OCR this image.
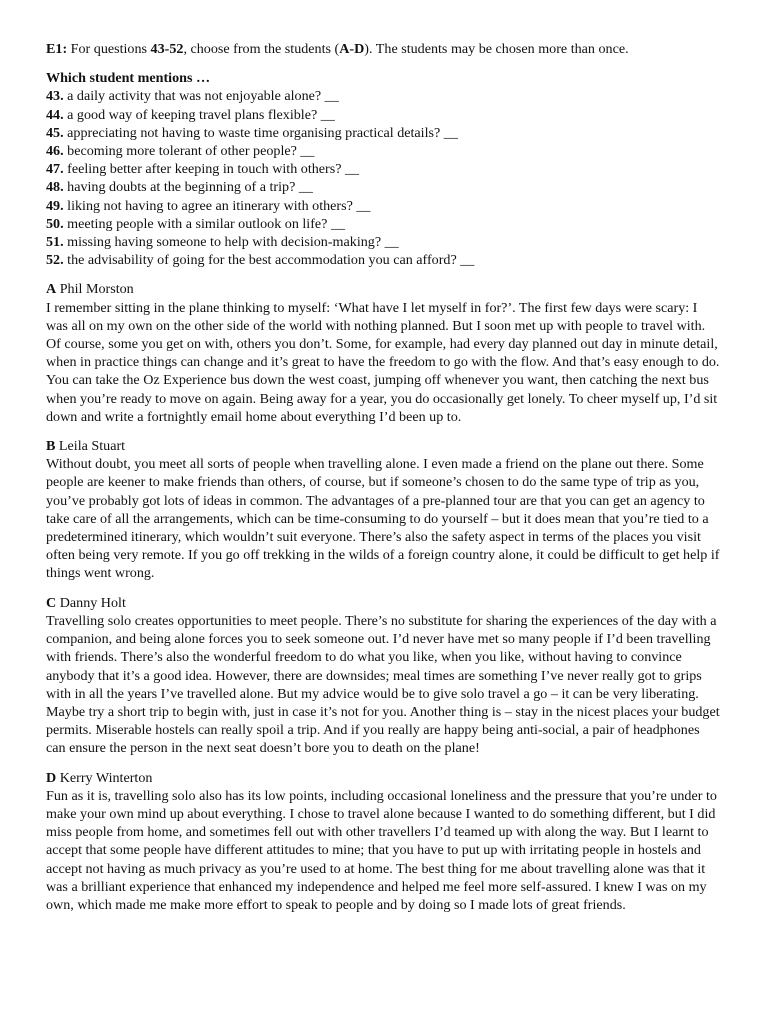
E1: For questions 43-52, choose from the students (A-D). The students may be chosen more than once.

Which student mentions …

43. a daily activity that was not enjoyable alone? __

44. a good way of keeping travel plans flexible? __

45. appreciating not having to waste time organising practical details? __

46. becoming more tolerant of other people? __

47. feeling better after keeping in touch with others? __

48. having doubts at the beginning of a trip? __

49. liking not having to agree an itinerary with others? __

50. meeting people with a similar outlook on life? __

51. missing having someone to help with decision-making? __

52. the advisability of going for the best accommodation you can afford? __

A Phil Morston

I remember sitting in the plane thinking to myself: ‘What have I let myself in for?’. The first few days were scary: I was all on my own on the other side of the world with nothing planned. But I soon met up with people to travel with. Of course, some you get on with, others you don’t. Some, for example, had every day planned out day in minute detail, when in practice things can change and it’s great to have the freedom to go with the flow. And that’s easy enough to do. You can take the Oz Experience bus down the west coast, jumping off whenever you want, then catching the next bus when you’re ready to move on again. Being away for a year, you do occasionally get lonely. To cheer myself up, I’d sit down and write a fortnightly email home about everything I’d been up to.

B Leila Stuart

Without doubt, you meet all sorts of people when travelling alone. I even made a friend on the plane out there. Some people are keener to make friends than others, of course, but if someone’s chosen to do the same type of trip as you, you’ve probably got lots of ideas in common. The advantages of a pre-planned tour are that you can get an agency to take care of all the arrangements, which can be time-consuming to do yourself – but it does mean that you’re tied to a predetermined itinerary, which wouldn’t suit everyone. There’s also the safety aspect in terms of the places you visit often being very remote. If you go off trekking in the wilds of a foreign country alone, it could be difficult to get help if things went wrong.

C Danny Holt

Travelling solo creates opportunities to meet people. There’s no substitute for sharing the experiences of the day with a companion, and being alone forces you to seek someone out. I’d never have met so many people if I’d been travelling with friends. There’s also the wonderful freedom to do what you like, when you like, without having to convince anybody that it’s a good idea. However, there are downsides; meal times are something I’ve never really got to grips with in all the years I’ve travelled alone. But my advice would be to give solo travel a go – it can be very liberating. Maybe try a short trip to begin with, just in case it’s not for you. Another thing is – stay in the nicest places your budget permits. Miserable hostels can really spoil a trip. And if you really are happy being anti-social, a pair of headphones can ensure the person in the next seat doesn’t bore you to death on the plane!

D Kerry Winterton

Fun as it is, travelling solo also has its low points, including occasional loneliness and the pressure that you’re under to make your own mind up about everything. I chose to travel alone because I wanted to do something different, but I did miss people from home, and sometimes fell out with other travellers I’d teamed up with along the way. But I learnt to accept that some people have different attitudes to mine; that you have to put up with irritating people in hostels and accept not having as much privacy as you’re used to at home. The best thing for me about travelling alone was that it was a brilliant experience that enhanced my independence and helped me feel more self-assured. I knew I was on my own, which made me make more effort to speak to people and by doing so I made lots of great friends.
